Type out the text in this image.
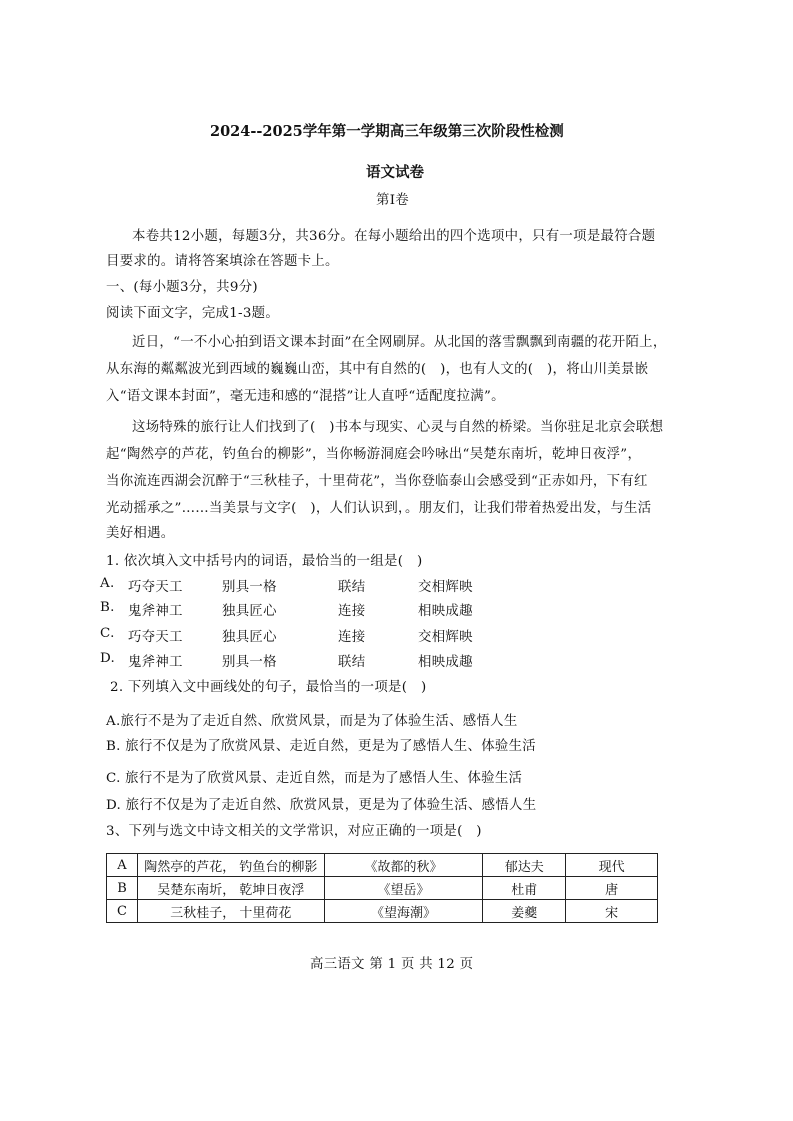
2024--2025学年第一学期高三年级第三次阶段性检测
语文试卷
第Ⅰ卷
本卷共12小题，每题3分，共36分。在每小题给出的四个选项中，只有一项是最符合题
目要求的。请将答案填涂在答题卡上。
一、(每小题3分，共9分)
阅读下面文字，完成1-3题。
近日，“一不小心拍到语文课本封面”在全网刷屏。从北国的落雪飘飘到南疆的花开陌上，
从东海的粼粼波光到西域的巍巍山峦，其中有自然的(　)，也有人文的(　)，将山川美景嵌
入“语文课本封面”，毫无违和感的“混搭”让人直呼“适配度拉满”。
这场特殊的旅行让人们找到了(　)书本与现实、心灵与自然的桥梁。当你驻足北京会联想
起“陶然亭的芦花，钓鱼台的柳影”，当你畅游洞庭会吟咏出“吴楚东南圻，乾坤日夜浮”，
当你流连西湖会沉醉于“三秋桂子，十里荷花”，当你登临泰山会感受到“正赤如丹，下有红
光动摇承之”……当美景与文字(　)，人们认识到，。朋友们，让我们带着热爱出发，与生活
美好相遇。
1. 依次填入文中括号内的词语，最恰当的一组是(　)
A. 巧夺天工	别具一格	联结	交相辉映
B. 鬼斧神工	独具匠心	连接	相映成趣
C. 巧夺天工	独具匠心	连接	交相辉映
D. 鬼斧神工	别具一格	联结	相映成趣
2. 下列填入文中画线处的句子，最恰当的一项是(　)
A.旅行不是为了走近自然、欣赏风景，而是为了体验生活、感悟人生
B. 旅行不仅是为了欣赏风景、走近自然，更是为了感悟人生、体验生活
C. 旅行不是为了欣赏风景、走近自然，而是为了感悟人生、体验生活
D. 旅行不仅是为了走近自然、欣赏风景，更是为了体验生活、感悟人生
3、下列与选文中诗文相关的文学常识，对应正确的一项是(　)
A	陶然亭的芦花， 钓鱼台的柳影	《故都的秋》	郁达夫	现代
B	吴楚东南圻， 乾坤日夜浮	《望岳》	杜甫	唐
C	三秋桂子， 十里荷花	《望海潮》	姜夔	宋
高三语文 第 1 页 共 12 页
